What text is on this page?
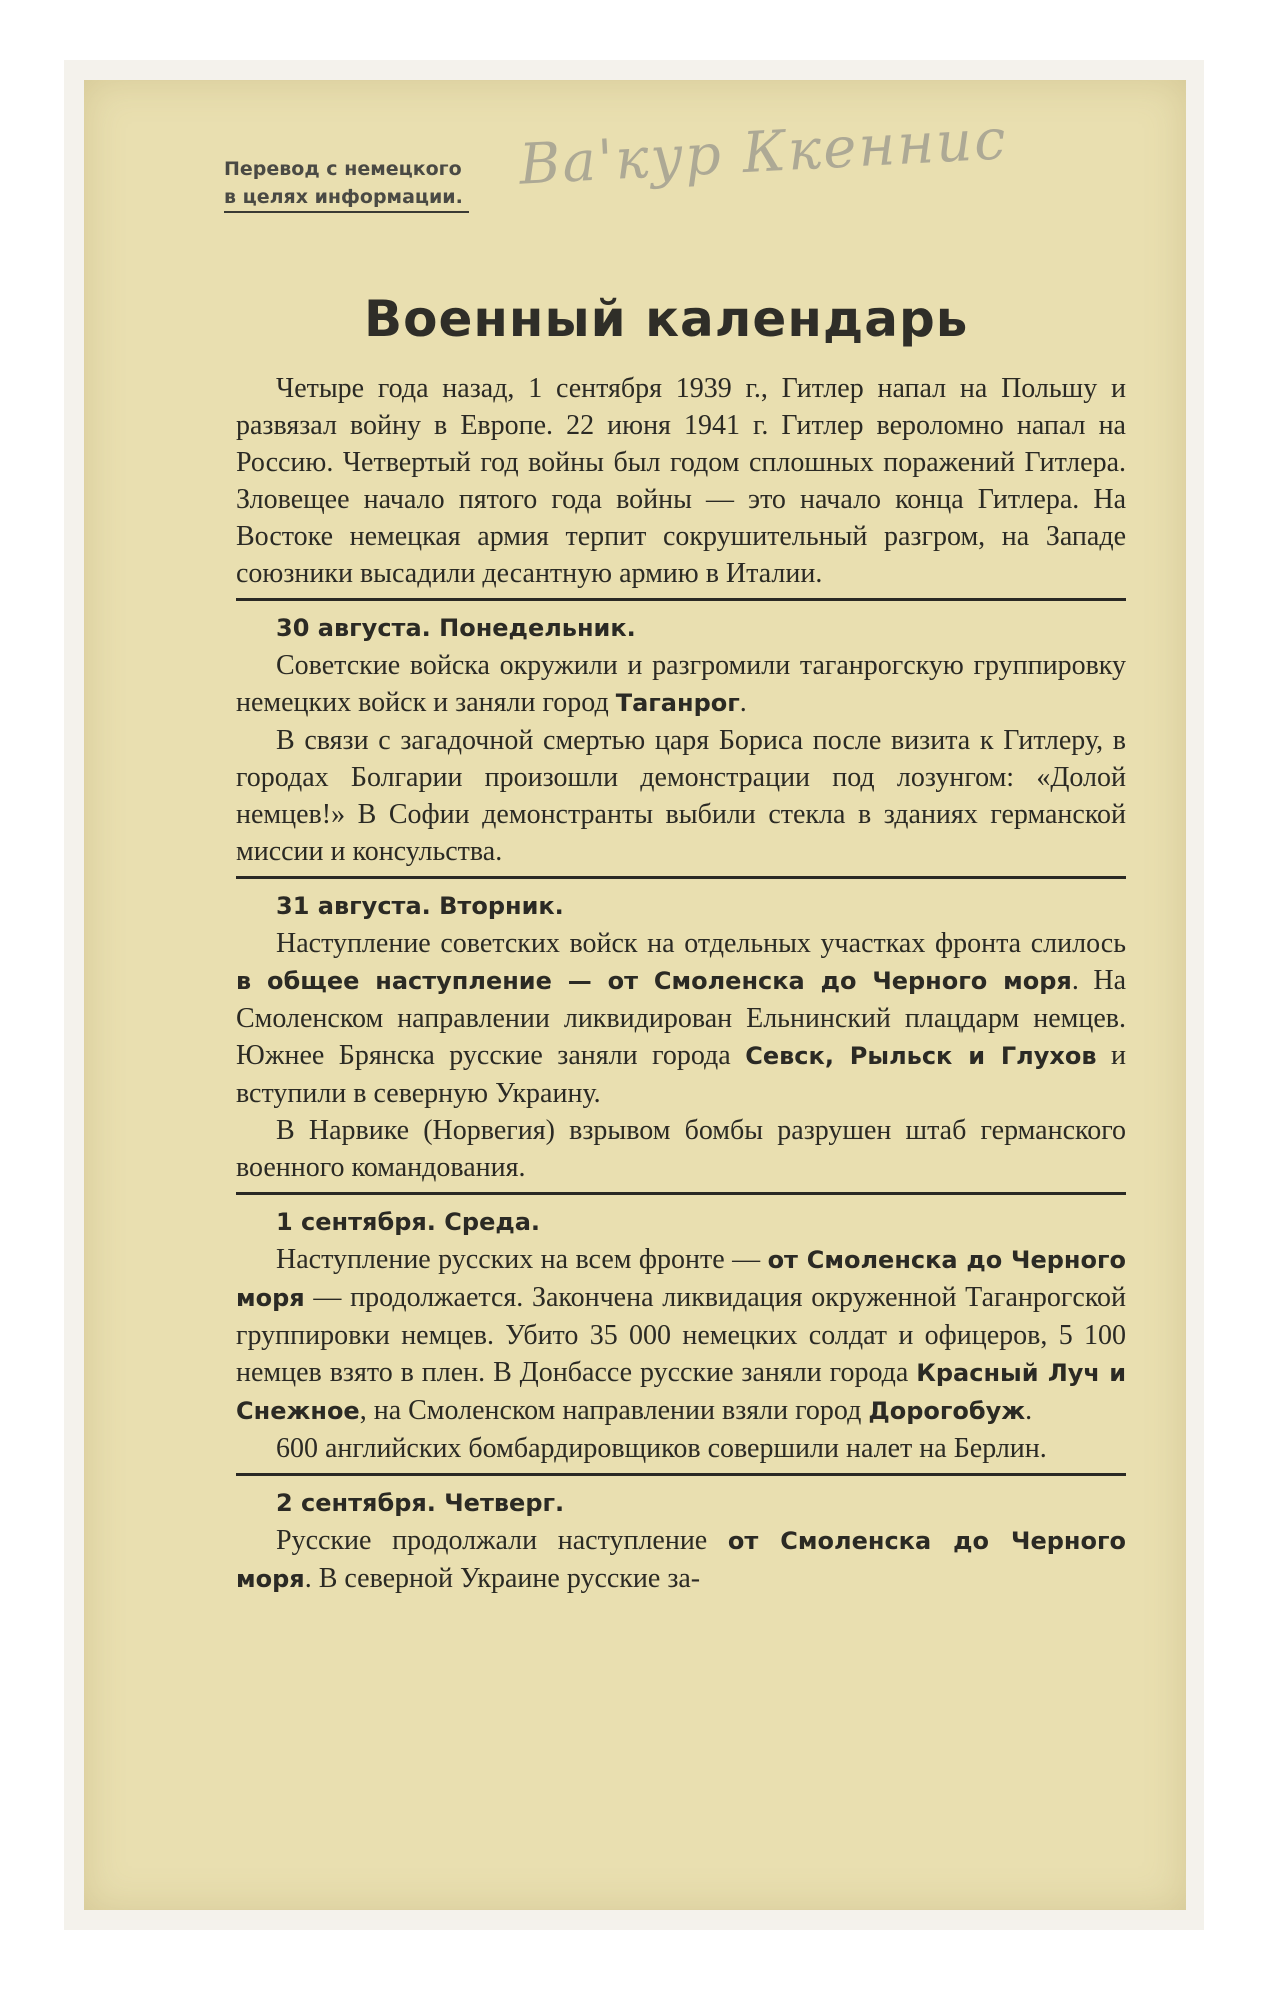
Перевод с немецкого
в целях информации. Ва'кур Ккеннис
Военный календарь

Четыре года назад, 1 сентября 1939 г., Гитлер напал на Польшу и развязал войну в Европе. 22 июня 1941 г. Гитлер вероломно напал на Россию. Четвертый год войны был годом сплошных поражений Гитлера. Зловещее начало пятого года войны — это начало конца Гитлера. На Востоке немецкая армия терпит сокрушительный разгром, на Западе союзники высадили десантную армию в Италии.

30 августа. Понедельник.

Советские войска окружили и разгромили таганрогскую группировку немецких войск и заняли город Таганрог.

В связи с загадочной смертью царя Бориса после визита к Гитлеру, в городах Болгарии произошли демонстрации под лозунгом: «Долой немцев!» В Софии демонстранты выбили стекла в зданиях германской миссии и консульства.

31 августа. Вторник.

Наступление советских войск на отдельных участках фронта слилось в общее наступление — от Смоленска до Черного моря. На Смоленском направлении ликвидирован Ельнинский плацдарм немцев. Южнее Брянска русские заняли города Севск, Рыльск и Глухов и вступили в северную Украину.

В Нарвике (Норвегия) взрывом бомбы разрушен штаб германского военного командования.

1 сентября. Среда.

Наступление русских на всем фронте — от Смоленска до Черного моря — продолжается. Закончена ликвидация окруженной Таганрогской группировки немцев. Убито 35 000 немецких солдат и офицеров, 5 100 немцев взято в плен. В Донбассе русские заняли города Красный Луч и Снежное, на Смоленском направлении взяли город Дорогобуж.

600 английских бомбардировщиков совершили налет на Берлин.

2 сентября. Четверг.

Русские продолжали наступление от Смоленска до Черного моря. В северной Украине русские за-
